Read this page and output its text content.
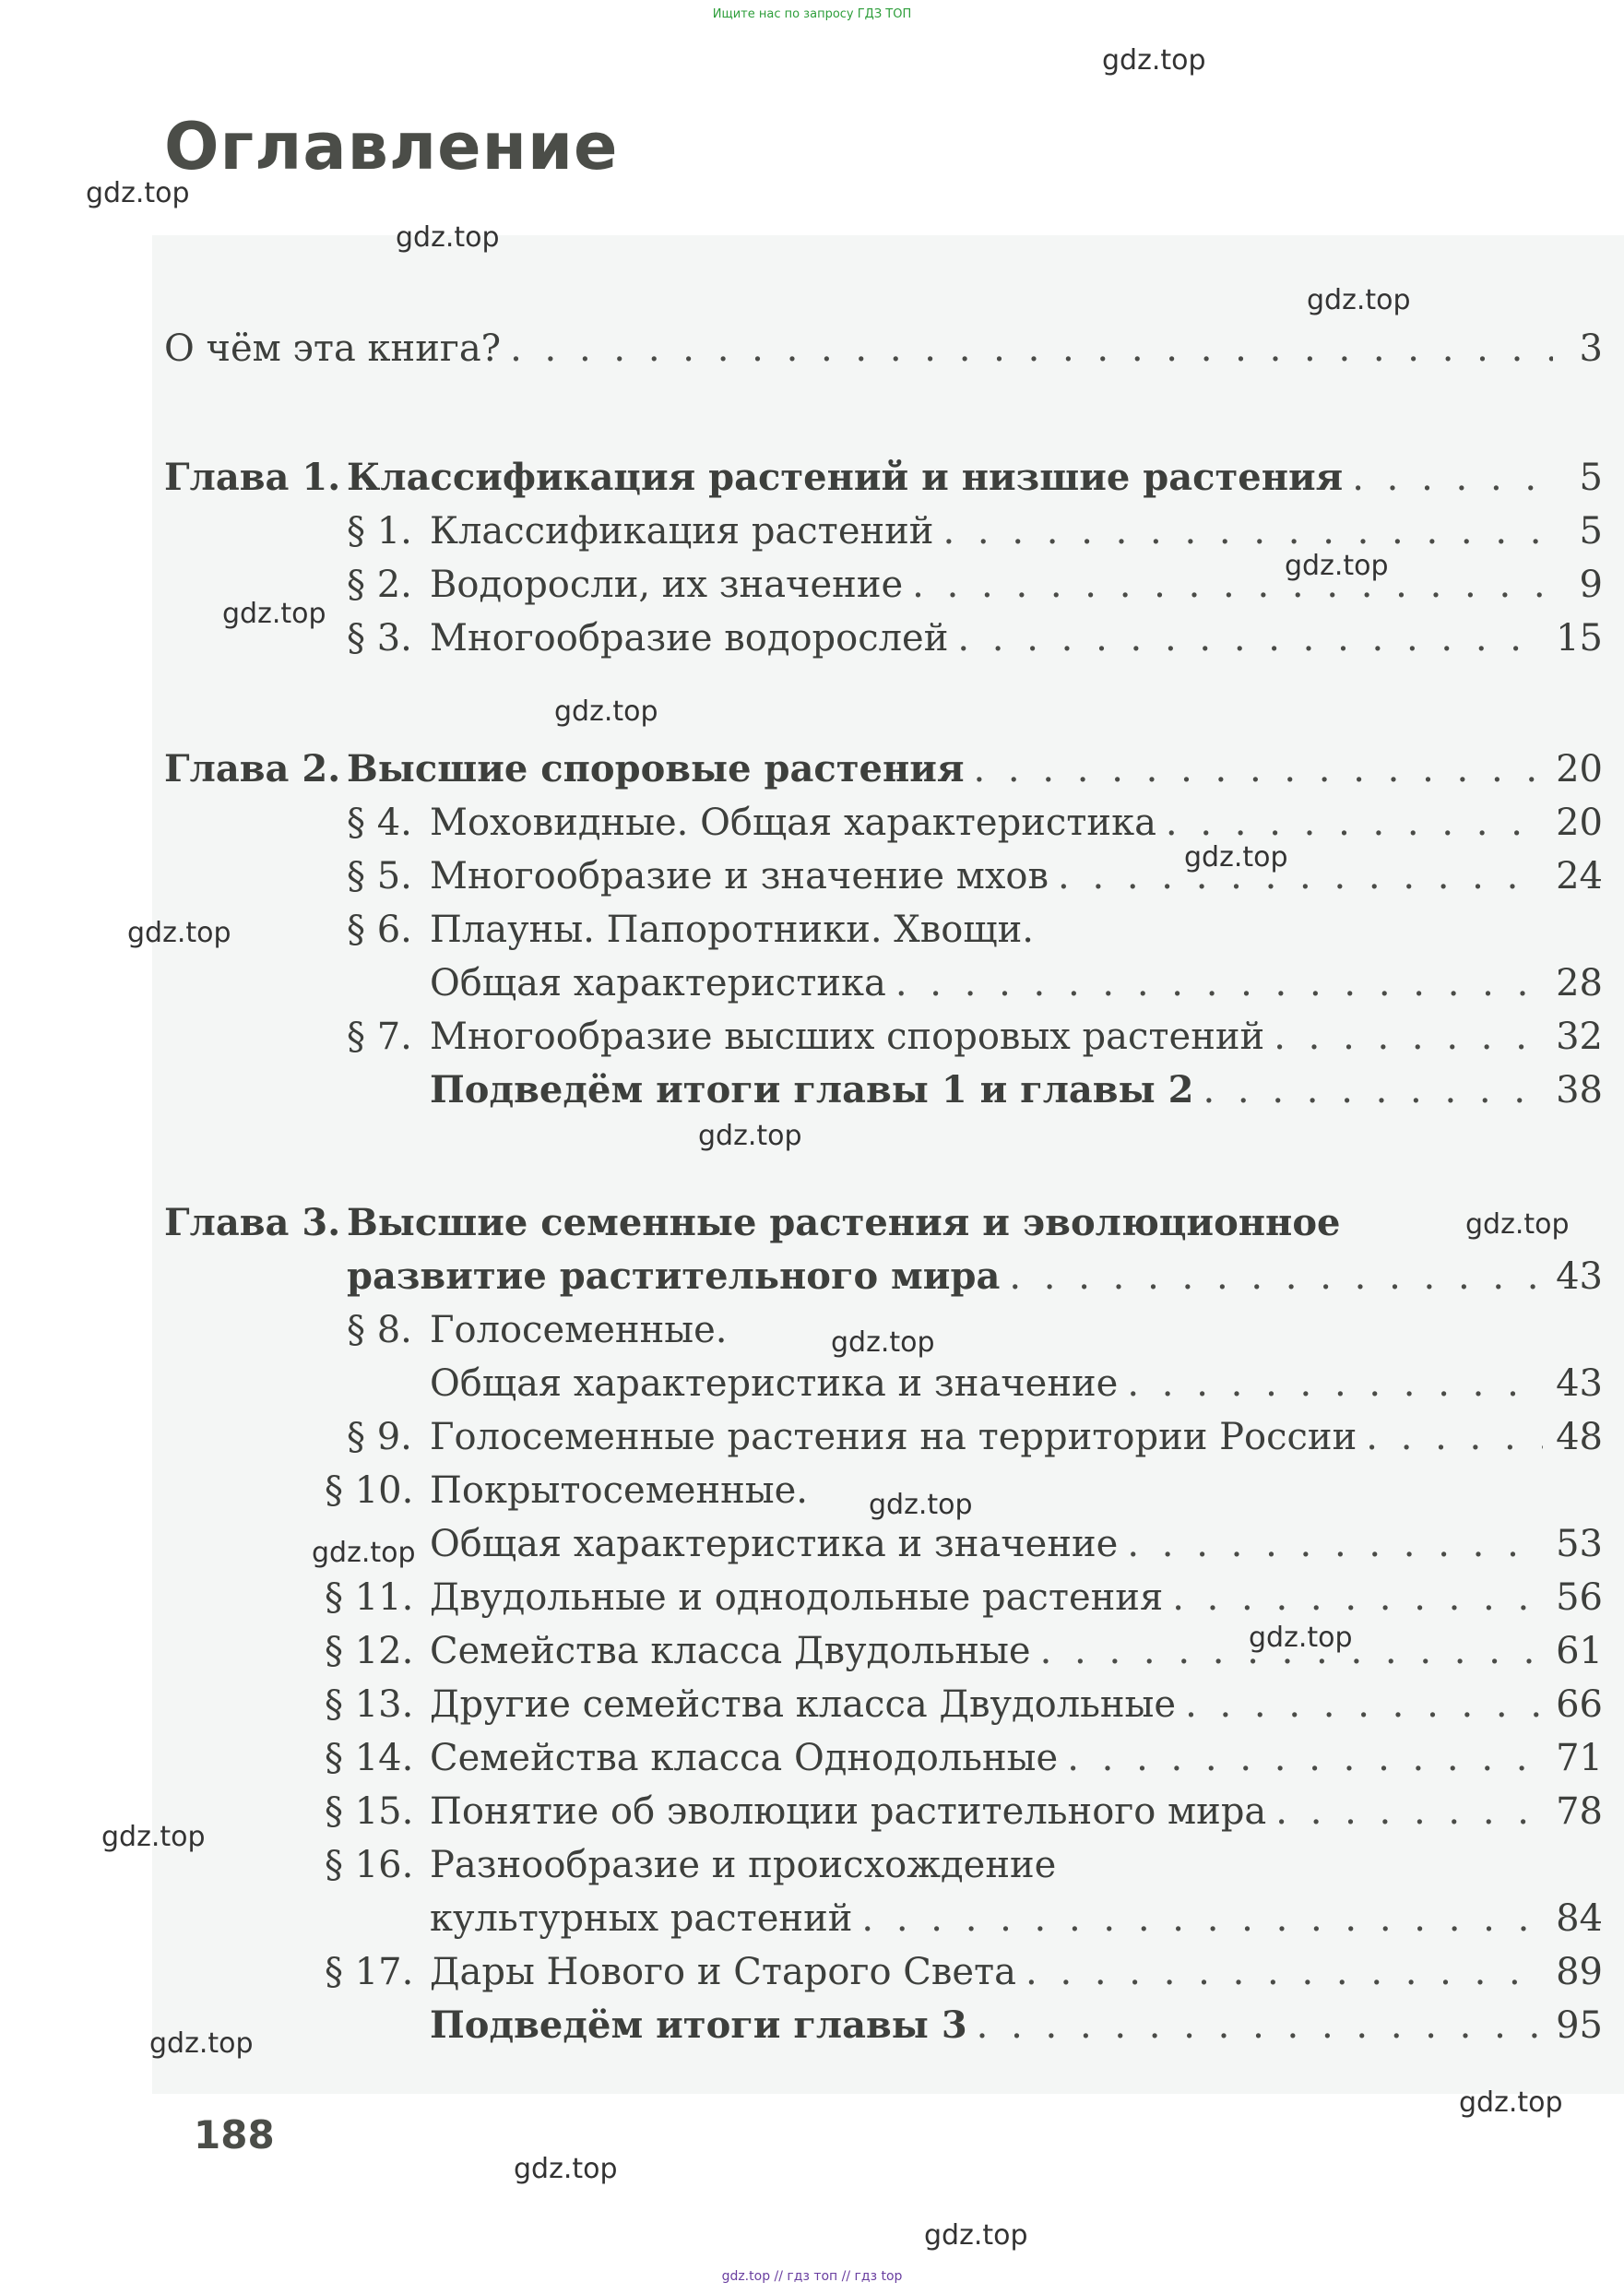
Ищите нас по запросу ГДЗ ТОП
Оглавление
О чём эта книга? . . .	3
Глава 1. Классификация растений и низшие растения . . .	5
§ 1. Классификация растений . . .	5
§ 2. Водоросли, их значение . . .	9
§ 3. Многообразие водорослей . . .	15
Глава 2. Высшие споровые растения . . .	20
§ 4. Моховидные. Общая характеристика . . .	20
§ 5. Многообразие и значение мхов . . .	24
§ 6. Плауны. Папоротники. Хвощи.
Общая характеристика . . .	28
§ 7. Многообразие высших споровых растений . . .	32
Подведём итоги главы 1 и главы 2 . . .	38
Глава 3. Высшие семенные растения и эволюционное
развитие растительного мира . . .	43
§ 8. Голосеменные.
Общая характеристика и значение . . .	43
§ 9. Голосеменные растения на территории России . . .	48
§ 10. Покрытосеменные.
Общая характеристика и значение . . .	53
§ 11. Двудольные и однодольные растения . . .	56
§ 12. Семейства класса Двудольные . . .	61
§ 13. Другие семейства класса Двудольные . . .	66
§ 14. Семейства класса Однодольные . . .	71
§ 15. Понятие об эволюции растительного мира . . .	78
§ 16. Разнообразие и происхождение
культурных растений . . .	84
§ 17. Дары Нового и Старого Света . . .	89
Подведём итоги главы 3 . . .	95
188
gdz.top
gdz.top
gdz.top
gdz.top
gdz.top
gdz.top
gdz.top
gdz.top
gdz.top
gdz.top
gdz.top
gdz.top
gdz.top
gdz.top
gdz.top
gdz.top
gdz.top
gdz.top
gdz.top
gdz.top
gdz.top // гдз топ // гдз top
